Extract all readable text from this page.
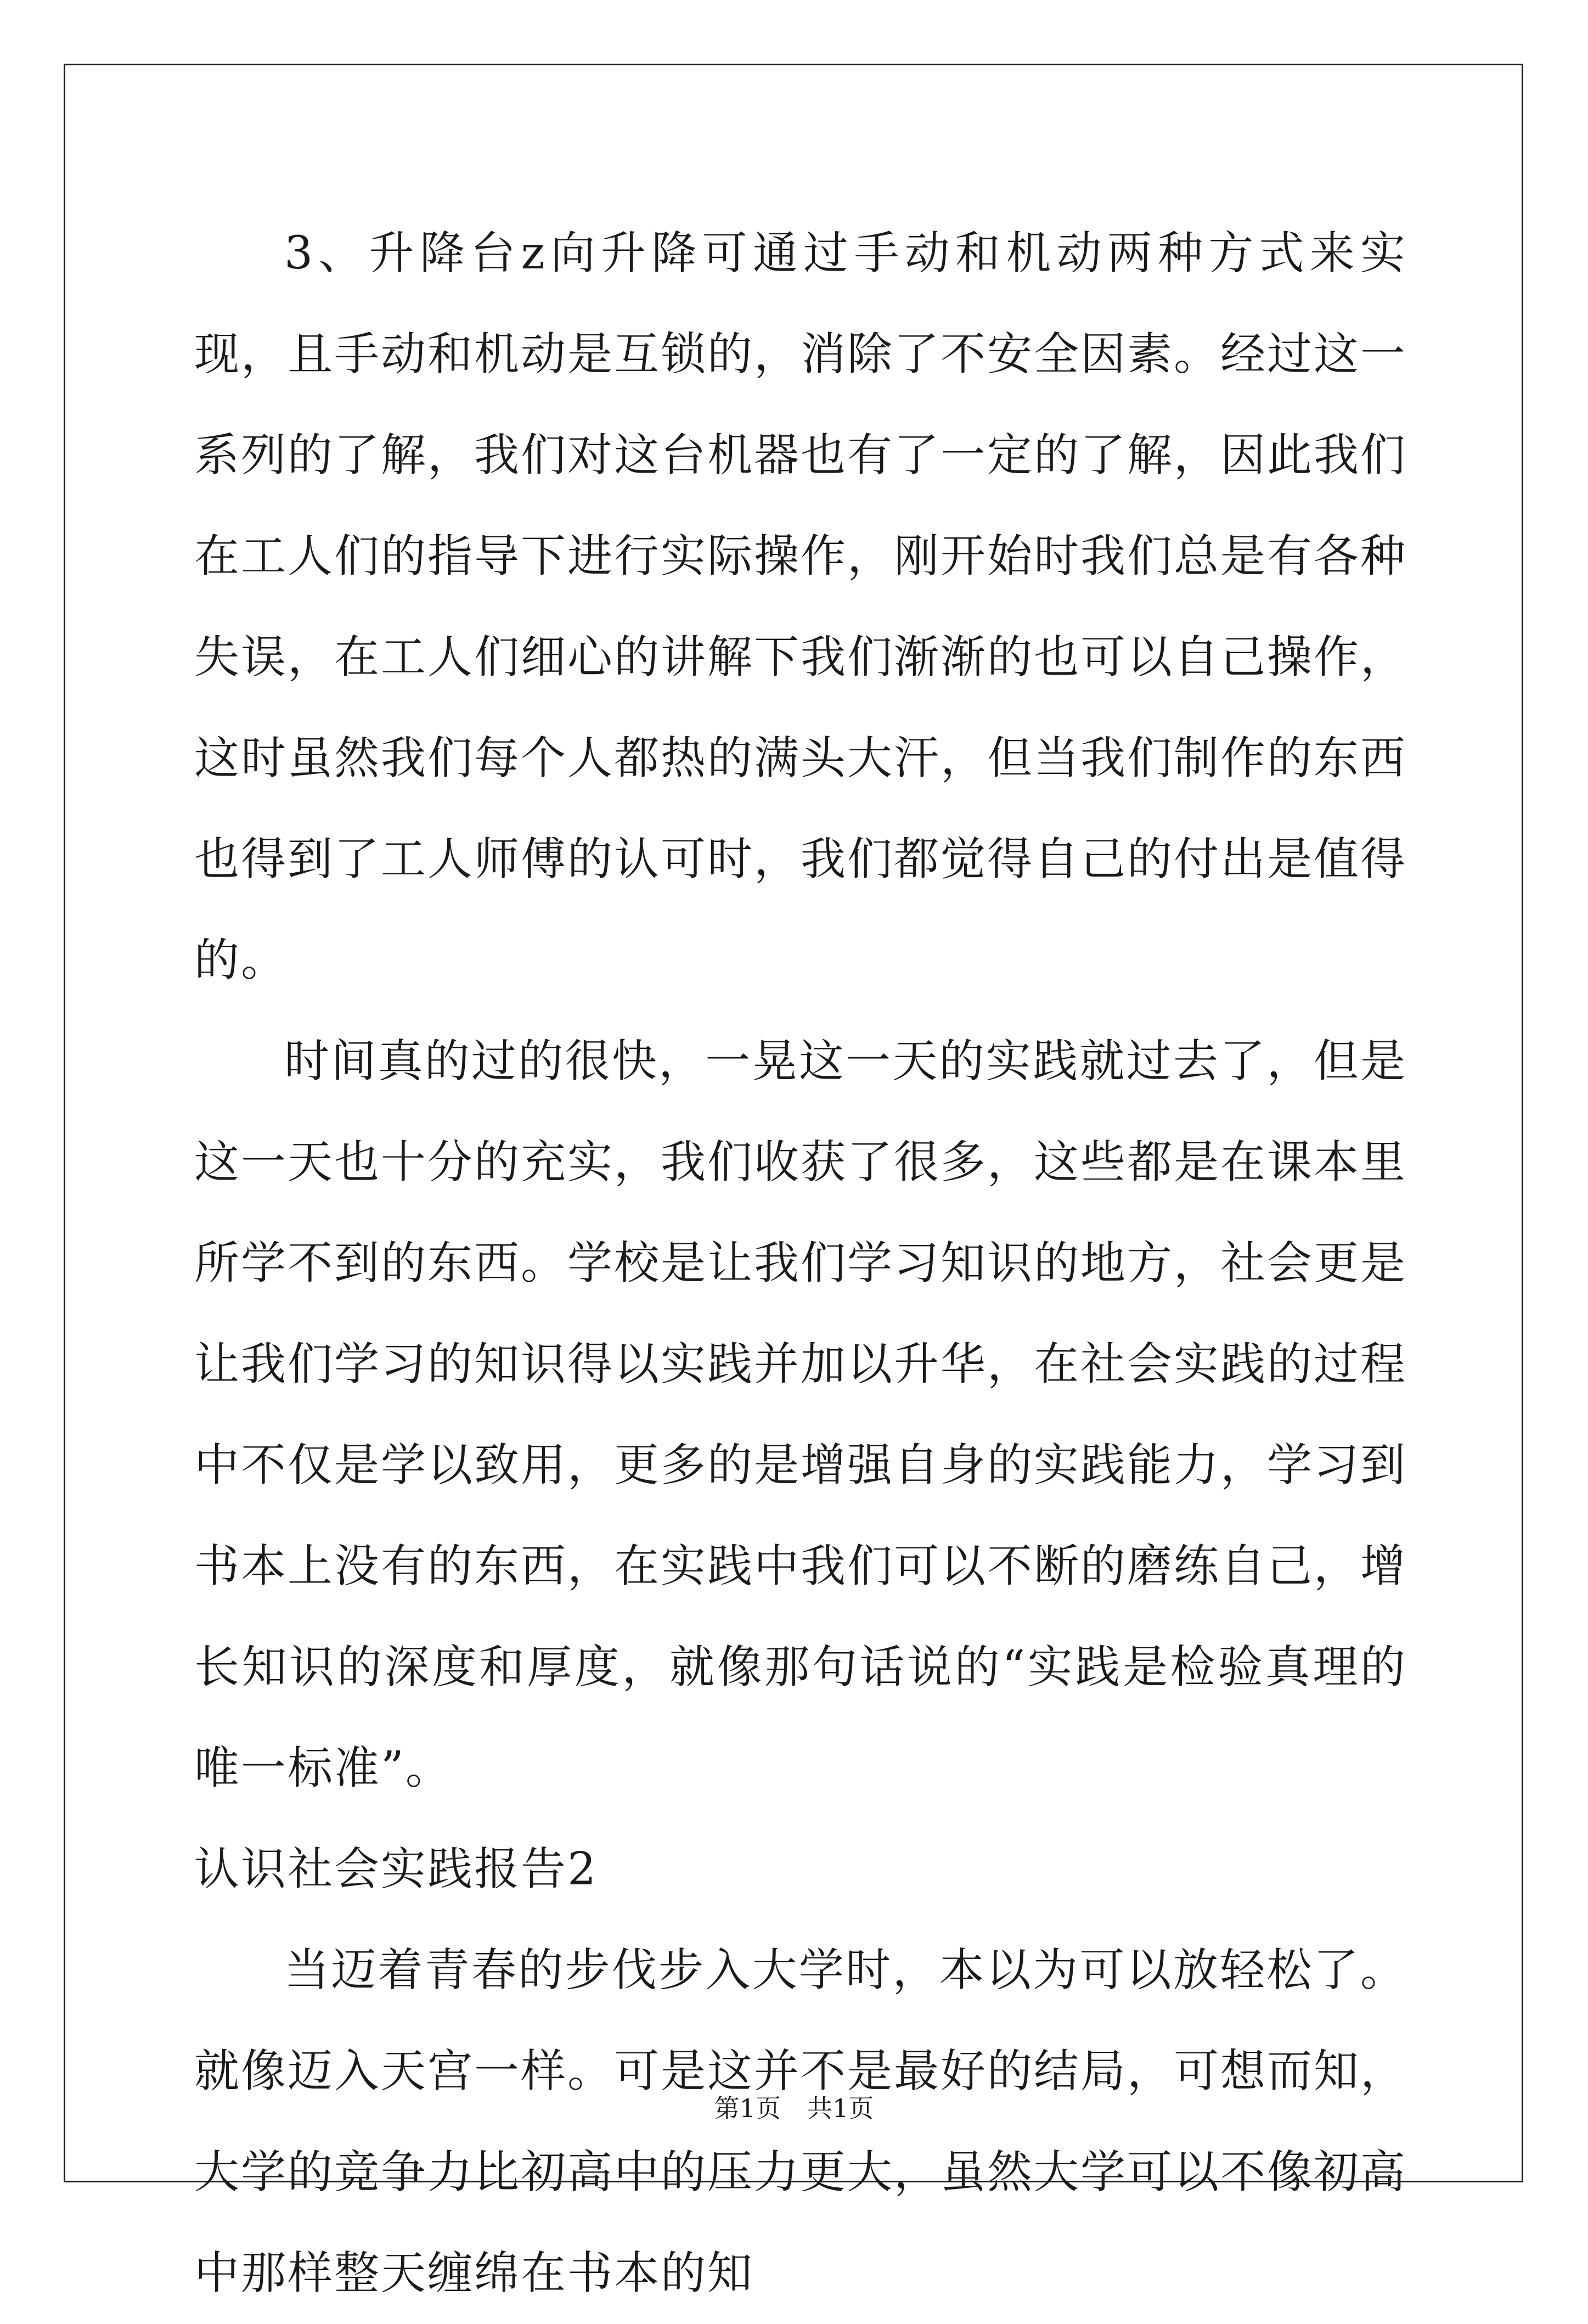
3、升降台z向升降可通过手动和机动两种方式来实现，且手动和机动是互锁的，消除了不安全因素。经过这一系列的了解，我们对这台机器也有了一定的了解，因此我们在工人们的指导下进行实际操作，刚开始时我们总是有各种失误，在工人们细心的讲解下我们渐渐的也可以自己操作，这时虽然我们每个人都热的满头大汗，但当我们制作的东西也得到了工人师傅的认可时，我们都觉得自己的付出是值得的。

时间真的过的很快，一晃这一天的实践就过去了，但是这一天也十分的充实，我们收获了很多，这些都是在课本里所学不到的东西。学校是让我们学习知识的地方，社会更是让我们学习的知识得以实践并加以升华，在社会实践的过程中不仅是学以致用，更多的是增强自身的实践能力，学习到书本上没有的东西，在实践中我们可以不断的磨练自己，增长知识的深度和厚度，就像那句话说的“实践是检验真理的唯一标准”。

认识社会实践报告2

当迈着青春的步伐步入大学时，本以为可以放轻松了。就像迈入天宫一样。可是这并不是最好的结局，可想而知，大学的竞争力比初高中的压力更大，虽然大学可以不像初高中那样整天缠绵在书本的知

第1页 共1页
